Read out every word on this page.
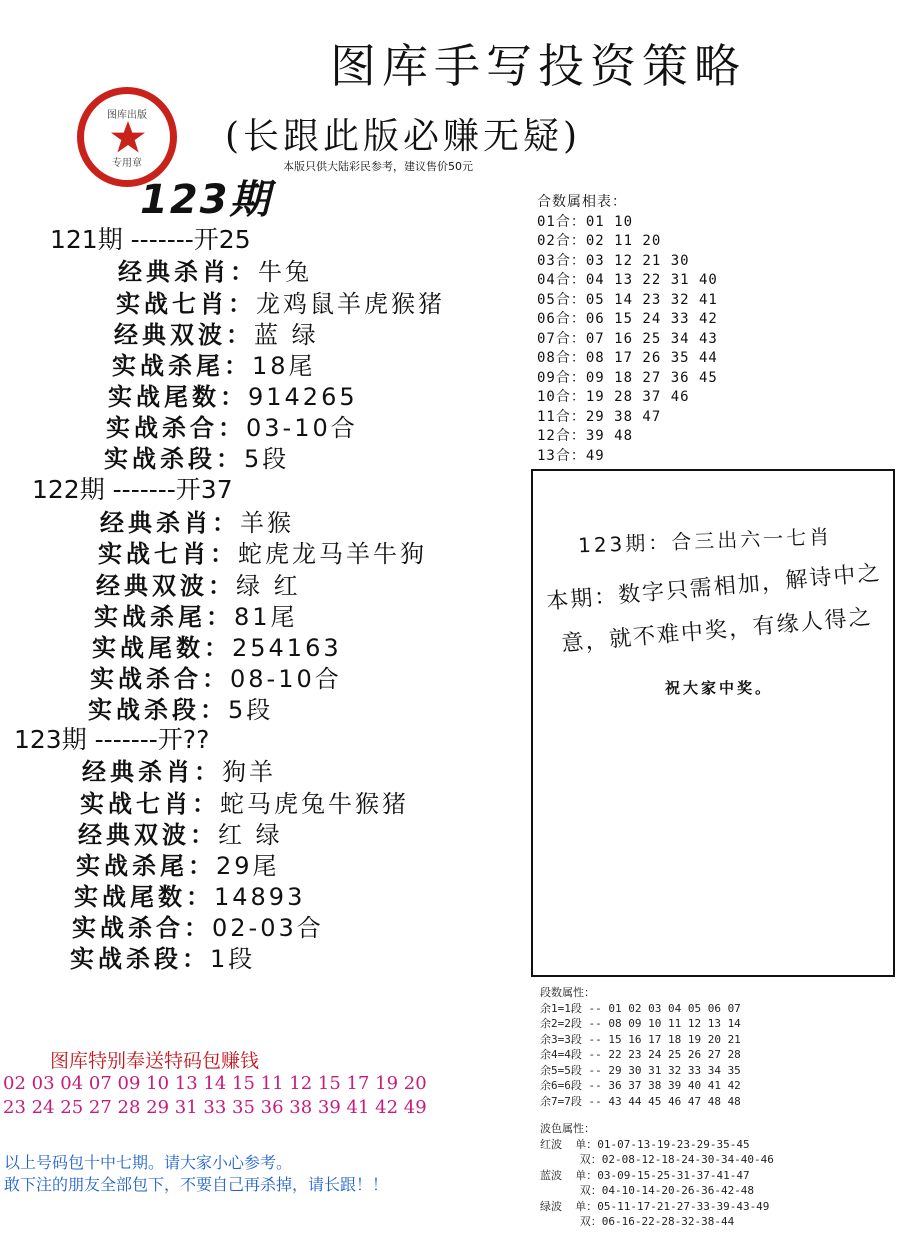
图库手写投资策略
(长跟此版必赚无疑)
本版只供大陆彩民参考，建议售价50元
图库出版
专用章
123期
121期 -------开25
经典杀肖：牛兔
实战七肖：龙鸡鼠羊虎猴猪
经典双波：蓝 绿
实战杀尾：18尾
实战尾数：914265
实战杀合：03-10合
实战杀段：5段
122期 -------开37
经典杀肖：羊猴
实战七肖：蛇虎龙马羊牛狗
经典双波：绿 红
实战杀尾：81尾
实战尾数：254163
实战杀合：08-10合
实战杀段：5段
123期 -------开??
经典杀肖：狗羊
实战七肖：蛇马虎兔牛猴猪
经典双波：红 绿
实战杀尾：29尾
实战尾数：14893
实战杀合：02-03合
实战杀段：1段
合数属相表：
01合：01 10
02合：02 11 20
03合：03 12 21 30
04合：04 13 22 31 40
05合：05 14 23 32 41
06合：06 15 24 33 42
07合：07 16 25 34 43
08合：08 17 26 35 44
09合：09 18 27 36 45
10合：19 28 37 46
11合：29 38 47
12合：39 48
13合：49
123期：合三出六一七肖
本期：数字只需相加，解诗中之
意，就不难中奖，有缘人得之
祝大家中奖。
段数属性：
余1=1段 -- 01 02 03 04 05 06 07
余2=2段 -- 08 09 10 11 12 13 14
余3=3段 -- 15 16 17 18 19 20 21
余4=4段 -- 22 23 24 25 26 27 28
余5=5段 -- 29 30 31 32 33 34 35
余6=6段 -- 36 37 38 39 40 41 42
余7=7段 -- 43 44 45 46 47 48 48
波色属性：
红波  单：01-07-13-19-23-29-35-45
双：02-08-12-18-24-30-34-40-46
蓝波  单：03-09-15-25-31-37-41-47
双：04-10-14-20-26-36-42-48
绿波  单：05-11-17-21-27-33-39-43-49
双：06-16-22-28-32-38-44
图库特别奉送特码包赚钱
02 03 04 07 09 10 13 14 15 11 12 15 17 19 20
23 24 25 27 28 29 31 33 35 36 38 39 41 42 49
以上号码包十中七期。请大家小心参考。
敢下注的朋友全部包下，不要自己再杀掉，请长跟！！
